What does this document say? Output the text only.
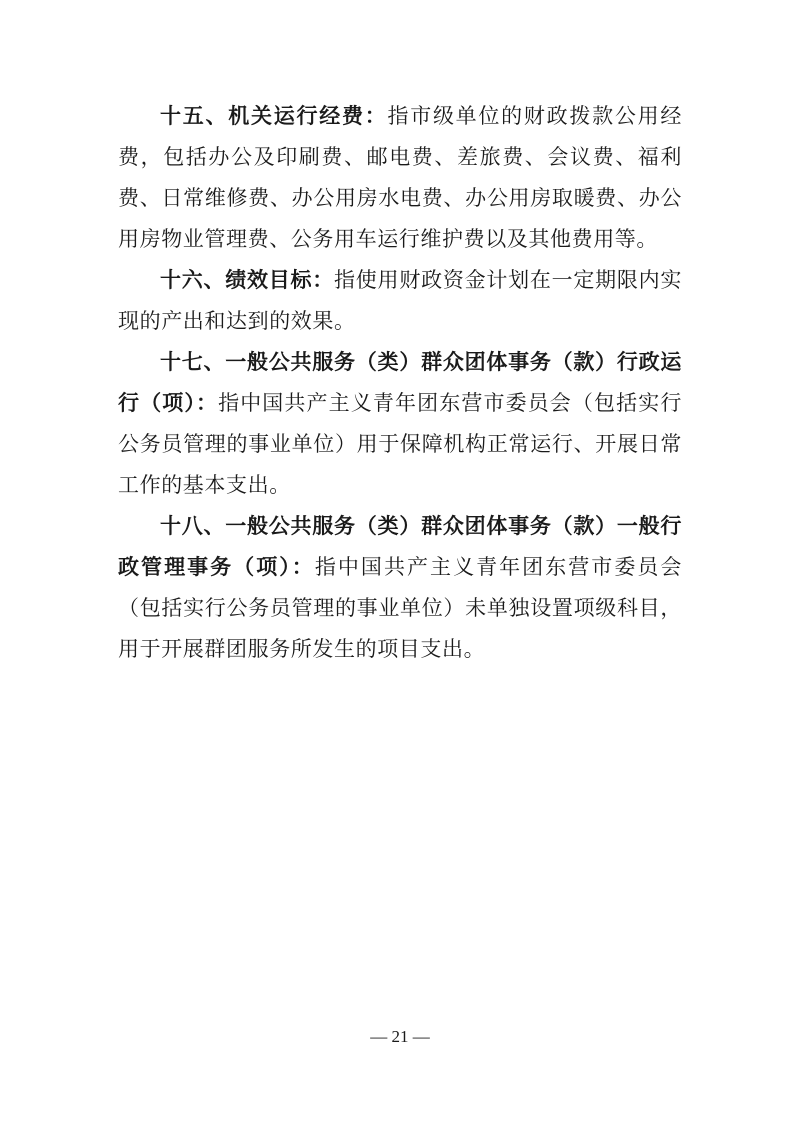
十五、机关运行经费：指市级单位的财政拨款公用经费，包括办公及印刷费、邮电费、差旅费、会议费、福利费、日常维修费、办公用房水电费、办公用房取暖费、办公用房物业管理费、公务用车运行维护费以及其他费用等。

十六、绩效目标：指使用财政资金计划在一定期限内实现的产出和达到的效果。

十七、一般公共服务（类）群众团体事务（款）行政运行（项）：指中国共产主义青年团东营市委员会（包括实行公务员管理的事业单位）用于保障机构正常运行、开展日常工作的基本支出。

十八、一般公共服务（类）群众团体事务（款）一般行政管理事务（项）：指中国共产主义青年团东营市委员会（包括实行公务员管理的事业单位）未单独设置项级科目，用于开展群团服务所发生的项目支出。

— 21 —
